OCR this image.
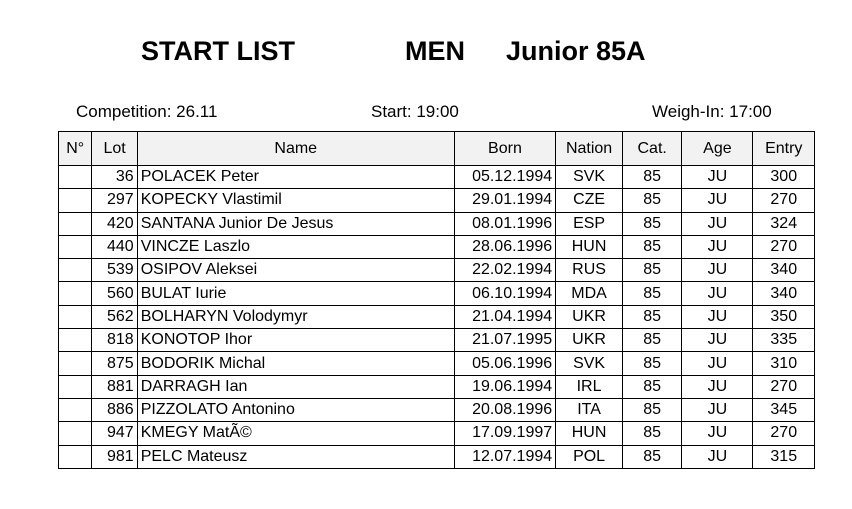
START LIST	MEN Junior 85A
Competition: 26.11	Start: 19:00	Weigh-In: 17:00
N°	Lot	Name	Born	Nation	Cat.	Age	Entry
	36	POLACEK Peter	05.12.1994	SVK	85	JU	300
	297	KOPECKY Vlastimil	29.01.1994	CZE	85	JU	270
	420	SANTANA Junior De Jesus	08.01.1996	ESP	85	JU	324
	440	VINCZE Laszlo	28.06.1996	HUN	85	JU	270
	539	OSIPOV Aleksei	22.02.1994	RUS	85	JU	340
	560	BULAT Iurie	06.10.1994	MDA	85	JU	340
	562	BOLHARYN Volodymyr	21.04.1994	UKR	85	JU	350
	818	KONOTOP Ihor	21.07.1995	UKR	85	JU	335
	875	BODORIK Michal	05.06.1996	SVK	85	JU	310
	881	DARRAGH Ian	19.06.1994	IRL	85	JU	270
	886	PIZZOLATO Antonino	20.08.1996	ITA	85	JU	345
	947	KMEGY MatÃ©	17.09.1997	HUN	85	JU	270
	981	PELC Mateusz	12.07.1994	POL	85	JU	315
